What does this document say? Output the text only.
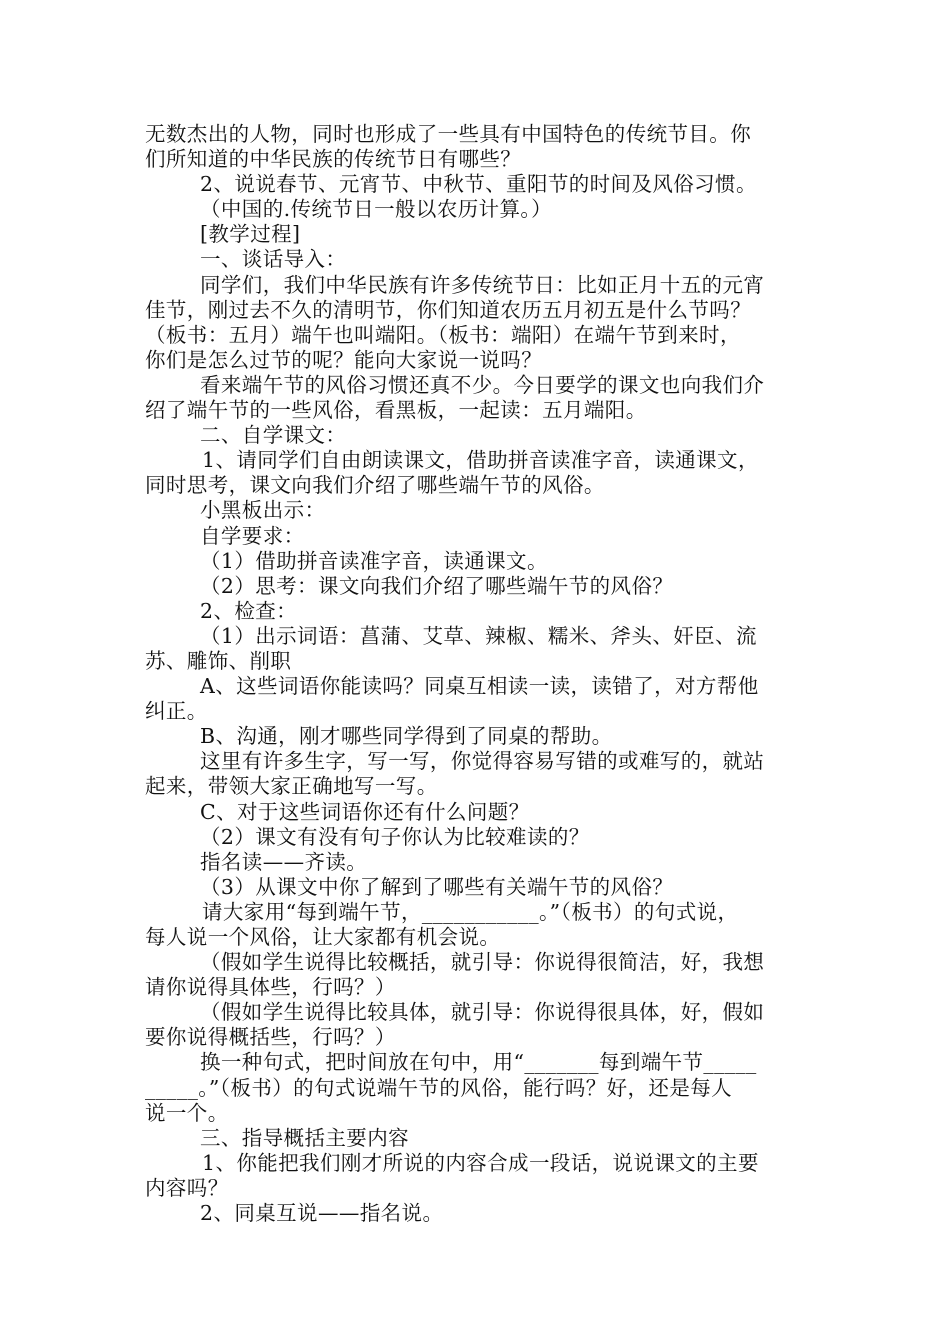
无数杰出的人物，同时也形成了一些具有中国特色的传统节目。你
们所知道的中华民族的传统节日有哪些？
2、说说春节、元宵节、中秋节、重阳节的时间及风俗习惯。
（中国的.传统节日一般以农历计算。）
[教学过程]
一、谈话导入：
同学们，我们中华民族有许多传统节日：比如正月十五的元宵
佳节，刚过去不久的清明节，你们知道农历五月初五是什么节吗？
（板书：五月）端午也叫端阳。（板书：端阳）在端午节到来时，
你们是怎么过节的呢？能向大家说一说吗？
看来端午节的风俗习惯还真不少。今日要学的课文也向我们介
绍了端午节的一些风俗，看黑板，一起读：五月端阳。
二、自学课文：
1、请同学们自由朗读课文，借助拼音读准字音，读通课文，
同时思考，课文向我们介绍了哪些端午节的风俗。
小黑板出示：
自学要求：
（1）借助拼音读准字音，读通课文。
（2）思考：课文向我们介绍了哪些端午节的风俗？
2、检查：
（1）出示词语：菖蒲、艾草、辣椒、糯米、斧头、奸臣、流
苏、雕饰、削职
A、这些词语你能读吗？同桌互相读一读，读错了，对方帮他
纠正。
B、沟通，刚才哪些同学得到了同桌的帮助。
这里有许多生字，写一写，你觉得容易写错的或难写的，就站
起来，带领大家正确地写一写。
C、对于这些词语你还有什么问题？
（2）课文有没有句子你认为比较难读的？
指名读——齐读。
（3）从课文中你了解到了哪些有关端午节的风俗？
请大家用“每到端午节，___________。”（板书）的句式说，
每人说一个风俗，让大家都有机会说。
（假如学生说得比较概括，就引导：你说得很简洁，好，我想
请你说得具体些，行吗？）
（假如学生说得比较具体，就引导：你说得很具体，好，假如
要你说得概括些，行吗？）
换一种句式，把时间放在句中，用“_______每到端午节_____
_____。”（板书）的句式说端午节的风俗，能行吗？好，还是每人
说一个。
三、指导概括主要内容
1、你能把我们刚才所说的内容合成一段话，说说课文的主要
内容吗？
2、同桌互说——指名说。
